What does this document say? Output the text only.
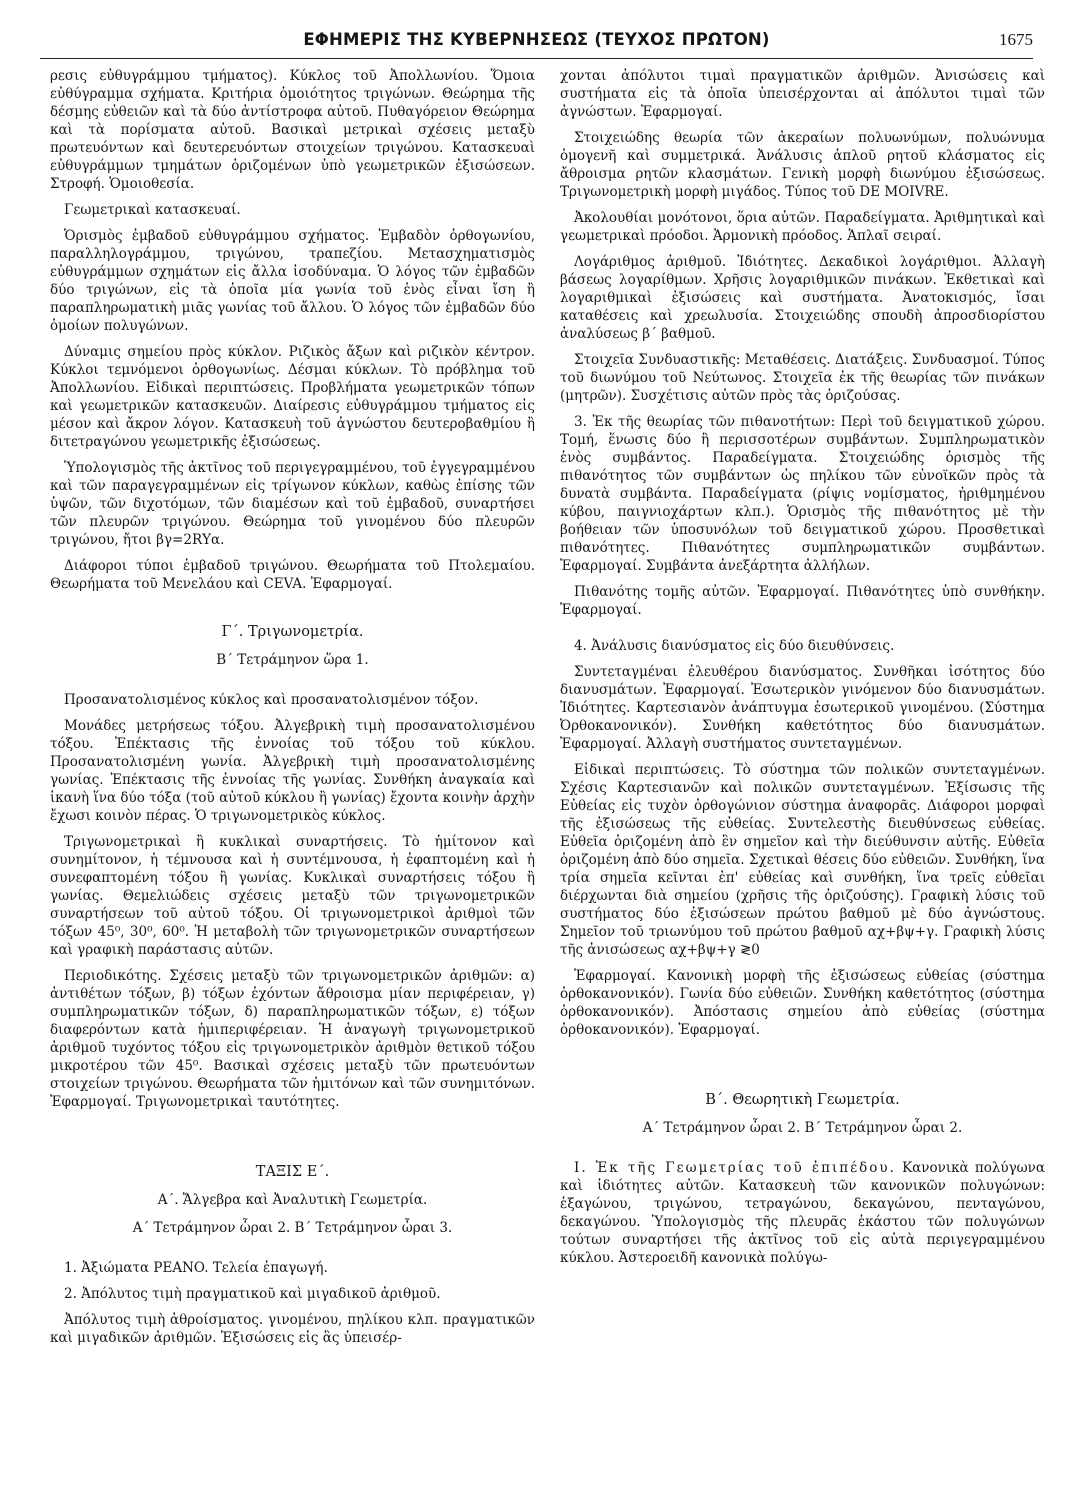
ΕΦΗΜΕΡΙΣ ΤΗΣ ΚΥΒΕΡΝΗΣΕΩΣ (ΤΕΥΧΟΣ ΠΡΩΤΟΝ)	1675

ρεσις εὐθυγράμμου τμήματος). Κύκλος τοῦ Ἀπολλωνίου. Ὅμοια εὐθύγραμμα σχήματα. Κριτήρια ὁμοιότητος τριγώνων. Θεώρημα τῆς δέσμης εὐθειῶν καὶ τὰ δύο ἀντίστροφα αὐτοῦ. Πυθαγόρειον Θεώρημα καὶ τὰ πορίσματα αὐτοῦ. Βασικαὶ μετρικαὶ σχέσεις μεταξὺ πρωτευόντων καὶ δευτερευόντων στοιχείων τριγώνου. Κατασκευαὶ εὐθυγράμμων τμημάτων ὁριζομένων ὑπὸ γεωμετρικῶν ἐξισώσεων. Στροφή. Ὁμοιοθεσία.

Γεωμετρικαὶ κατασκευαί.

Ὁρισμὸς ἐμβαδοῦ εὐθυγράμμου σχήματος. Ἐμβαδὸν ὀρθογωνίου, παραλληλογράμμου, τριγώνου, τραπεζίου. Μετασχηματισμὸς εὐθυγράμμων σχημάτων εἰς ἄλλα ἰσοδύναμα. Ὁ λόγος τῶν ἐμβαδῶν δύο τριγώνων, εἰς τὰ ὁποῖα μία γωνία τοῦ ἑνὸς εἶναι ἴση ἢ παραπληρωματικὴ μιᾶς γωνίας τοῦ ἄλλου. Ὁ λόγος τῶν ἐμβαδῶν δύο ὁμοίων πολυγώνων.

Δύναμις σημείου πρὸς κύκλον. Ριζικὸς ἄξων καὶ ριζικὸν κέντρον. Κύκλοι τεμνόμενοι ὀρθογωνίως. Δέσμαι κύκλων. Τὸ πρόβλημα τοῦ Ἀπολλωνίου. Εἰδικαὶ περιπτώσεις. Προβλήματα γεωμετρικῶν τόπων καὶ γεωμετρικῶν κατασκευῶν. Διαίρεσις εὐθυγράμμου τμήματος εἰς μέσον καὶ ἄκρον λόγον. Κατασκευὴ τοῦ ἀγνώστου δευτεροβαθμίου ἢ διτετραγώνου γεωμετρικῆς ἐξισώσεως.

Ὑπολογισμὸς τῆς ἀκτῖνος τοῦ περιγεγραμμένου, τοῦ ἐγγεγραμμένου καὶ τῶν παραγεγραμμένων εἰς τρίγωνον κύκλων, καθὼς ἐπίσης τῶν ὑψῶν, τῶν διχοτόμων, τῶν διαμέσων καὶ τοῦ ἐμβαδοῦ, συναρτήσει τῶν πλευρῶν τριγώνου. Θεώρημα τοῦ γινομένου δύο πλευρῶν τριγώνου, ἤτοι βγ=2RΥα.

Διάφοροι τύποι ἐμβαδοῦ τριγώνου. Θεωρήματα τοῦ Πτολεμαίου. Θεωρήματα τοῦ Μενελάου καὶ CEVA. Ἐφαρμογαί.

Γ΄. Τριγωνομετρία.

Β΄ Τετράμηνον ὥρα 1.

Προσανατολισμένος κύκλος καὶ προσανατολισμένον τόξον.

Μονάδες μετρήσεως τόξου. Ἀλγεβρικὴ τιμὴ προσανατολισμένου τόξου. Ἐπέκτασις τῆς ἐννοίας τοῦ τόξου τοῦ κύκλου. Προσανατολισμένη γωνία. Ἀλγεβρικὴ τιμὴ προσανατολισμένης γωνίας. Ἐπέκτασις τῆς ἐννοίας τῆς γωνίας. Συνθήκη ἀναγκαία καὶ ἱκανὴ ἵνα δύο τόξα (τοῦ αὐτοῦ κύκλου ἢ γωνίας) ἔχοντα κοινὴν ἀρχὴν ἔχωσι κοινὸν πέρας. Ὁ τριγωνομετρικὸς κύκλος.

Τριγωνομετρικαὶ ἢ κυκλικαὶ συναρτήσεις. Τὸ ἡμίτονον καὶ συνημίτονον, ἡ τέμνουσα καὶ ἡ συντέμνουσα, ἡ ἐφαπτομένη καὶ ἡ συνεφαπτομένη τόξου ἢ γωνίας. Κυκλικαὶ συναρτήσεις τόξου ἢ γωνίας. Θεμελιώδεις σχέσεις μεταξὺ τῶν τριγωνομετρικῶν συναρτήσεων τοῦ αὐτοῦ τόξου. Οἱ τριγωνομετρικοὶ ἀριθμοὶ τῶν τόξων 45⁰, 30⁰, 60⁰. Ἡ μεταβολὴ τῶν τριγωνομετρικῶν συναρτήσεων καὶ γραφικὴ παράστασις αὐτῶν.

Περιοδικότης. Σχέσεις μεταξὺ τῶν τριγωνομετρικῶν ἀριθμῶν: α) ἀντιθέτων τόξων, β) τόξων ἐχόντων ἄθροισμα μίαν περιφέρειαν, γ) συμπληρωματικῶν τόξων, δ) παραπληρωματικῶν τόξων, ε) τόξων διαφερόντων κατὰ ἡμιπεριφέρειαν. Ἡ ἀναγωγὴ τριγωνομετρικοῦ ἀριθμοῦ τυχόντος τόξου εἰς τριγωνομετρικὸν ἀριθμὸν θετικοῦ τόξου μικροτέρου τῶν 45⁰. Βασικαὶ σχέσεις μεταξὺ τῶν πρωτευόντων στοιχείων τριγώνου. Θεωρήματα τῶν ἡμιτόνων καὶ τῶν συνημιτόνων. Ἐφαρμογαί. Τριγωνομετρικαὶ ταυτότητες.

ΤΑΞΙΣ Ε΄.

Α΄. Ἄλγεβρα καὶ Ἀναλυτικὴ Γεωμετρία.

Α΄ Τετράμηνον ὧραι 2. Β΄ Τετράμηνον ὧραι 3.

1. Ἀξιώματα PEANO. Τελεία ἐπαγωγή.

2. Ἀπόλυτος τιμὴ πραγματικοῦ καὶ μιγαδικοῦ ἀριθμοῦ.

Ἀπόλυτος τιμὴ ἀθροίσματος. γινομένου, πηλίκου κλπ. πραγματικῶν καὶ μιγαδικῶν ἀριθμῶν. Ἐξισώσεις εἰς ἃς ὑπεισέρ-

χονται ἀπόλυτοι τιμαὶ πραγματικῶν ἀριθμῶν. Ἀνισώσεις καὶ συστήματα εἰς τὰ ὁποῖα ὑπεισέρχονται αἱ ἀπόλυτοι τιμαὶ τῶν ἀγνώστων. Ἐφαρμογαί.

Στοιχειώδης θεωρία τῶν ἀκεραίων πολυωνύμων, πολυώνυμα ὁμογενῆ καὶ συμμετρικά. Ἀνάλυσις ἁπλοῦ ρητοῦ κλάσματος εἰς ἄθροισμα ρητῶν κλασμάτων. Γενικὴ μορφὴ διωνύμου ἐξισώσεως. Τριγωνομετρικὴ μορφὴ μιγάδος. Τύπος τοῦ DE MOIVRE.

Ἀκολουθίαι μονότονοι, ὅρια αὐτῶν. Παραδείγματα. Ἀριθμητικαὶ καὶ γεωμετρικαὶ πρόοδοι. Ἁρμονικὴ πρόοδος. Ἁπλαῖ σειραί.

Λογάριθμος ἀριθμοῦ. Ἰδιότητες. Δεκαδικοὶ λογάριθμοι. Ἀλλαγὴ βάσεως λογαρίθμων. Χρῆσις λογαριθμικῶν πινάκων. Ἐκθετικαὶ καὶ λογαριθμικαὶ ἐξισώσεις καὶ συστήματα. Ἀνατοκισμός, ἴσαι καταθέσεις καὶ χρεωλυσία. Στοιχειώδης σπουδὴ ἀπροσδιορίστου ἀναλύσεως β΄ βαθμοῦ.

Στοιχεῖα Συνδυαστικῆς: Μεταθέσεις. Διατάξεις. Συνδυασμοί. Τύπος τοῦ διωνύμου τοῦ Νεύτωνος. Στοιχεῖα ἐκ τῆς θεωρίας τῶν πινάκων (μητρῶν). Συσχέτισις αὐτῶν πρὸς τὰς ὁριζούσας.

3. Ἐκ τῆς θεωρίας τῶν πιθανοτήτων: Περὶ τοῦ δειγματικοῦ χώρου. Τομή, ἕνωσις δύο ἢ περισσοτέρων συμβάντων. Συμπληρωματικὸν ἑνὸς συμβάντος. Παραδείγματα. Στοιχειώδης ὁρισμὸς τῆς πιθανότητος τῶν συμβάντων ὡς πηλίκου τῶν εὐνοϊκῶν πρὸς τὰ δυνατὰ συμβάντα. Παραδείγματα (ρίψις νομίσματος, ἠριθμημένου κύβου, παιγνιοχάρτων κλπ.). Ὁρισμὸς τῆς πιθανότητος μὲ τὴν βοήθειαν τῶν ὑποσυνόλων τοῦ δειγματικοῦ χώρου. Προσθετικαὶ πιθανότητες. Πιθανότητες συμπληρωματικῶν συμβάντων. Ἐφαρμογαί. Συμβάντα ἀνεξάρτητα ἀλλήλων.

Πιθανότης τομῆς αὐτῶν. Ἐφαρμογαί. Πιθανότητες ὑπὸ συνθήκην. Ἐφαρμογαί.

4. Ἀνάλυσις διανύσματος εἰς δύο διευθύνσεις.

Συντεταγμέναι ἐλευθέρου διανύσματος. Συνθῆκαι ἰσότητος δύο διανυσμάτων. Ἐφαρμογαί. Ἐσωτερικὸν γινόμενον δύο διανυσμάτων. Ἰδιότητες. Καρτεσιανὸν ἀνάπτυγμα ἐσωτερικοῦ γινομένου. (Σύστημα Ὀρθοκανονικόν). Συνθήκη καθετότητος δύο διανυσμάτων. Ἐφαρμογαί. Ἀλλαγὴ συστήματος συντεταγμένων.

Εἰδικαὶ περιπτώσεις. Τὸ σύστημα τῶν πολικῶν συντεταγμένων. Σχέσις Καρτεσιανῶν καὶ πολικῶν συντεταγμένων. Ἐξίσωσις τῆς Εὐθείας εἰς τυχὸν ὀρθογώνιον σύστημα ἀναφορᾶς. Διάφοροι μορφαὶ τῆς ἐξισώσεως τῆς εὐθείας. Συντελεστὴς διευθύνσεως εὐθείας. Εὐθεῖα ὁριζομένη ἀπὸ ἓν σημεῖον καὶ τὴν διεύθυνσιν αὐτῆς. Εὐθεῖα ὁριζομένη ἀπὸ δύο σημεῖα. Σχετικαὶ θέσεις δύο εὐθειῶν. Συνθήκη, ἵνα τρία σημεῖα κεῖνται ἐπ' εὐθείας καὶ συνθήκη, ἵνα τρεῖς εὐθεῖαι διέρχωνται διὰ σημείου (χρῆσις τῆς ὁριζούσης). Γραφικὴ λύσις τοῦ συστήματος δύο ἐξισώσεων πρώτου βαθμοῦ μὲ δύο ἀγνώστους. Σημεῖον τοῦ τριωνύμου τοῦ πρώτου βαθμοῦ αχ+βψ+γ. Γραφικὴ λύσις τῆς ἀνισώσεως αχ+βψ+γ ≷0

Ἐφαρμογαί. Κανονικὴ μορφὴ τῆς ἐξισώσεως εὐθείας (σύστημα ὀρθοκανονικόν). Γωνία δύο εὐθειῶν. Συνθήκη καθετότητος (σύστημα ὀρθοκανονικόν). Ἀπόστασις σημείου ἀπὸ εὐθείας (σύστημα ὀρθοκανονικόν). Ἐφαρμογαί.

Β΄. Θεωρητικὴ Γεωμετρία.

Α΄ Τετράμηνον ὧραι 2. Β΄ Τετράμηνον ὧραι 2.

Ι. Ἐκ τῆς Γεωμετρίας τοῦ ἐπιπέδου. Κανονικὰ πολύγωνα καὶ ἰδιότητες αὐτῶν. Κατασκευὴ τῶν κανονικῶν πολυγώνων: ἑξαγώνου, τριγώνου, τετραγώνου, δεκαγώνου, πενταγώνου, δεκαγώνου. Ὑπολογισμὸς τῆς πλευρᾶς ἑκάστου τῶν πολυγώνων τούτων συναρτήσει τῆς ἀκτῖνος τοῦ εἰς αὐτὰ περιγεγραμμένου κύκλου. Ἀστεροειδῆ κανονικὰ πολύγω-
